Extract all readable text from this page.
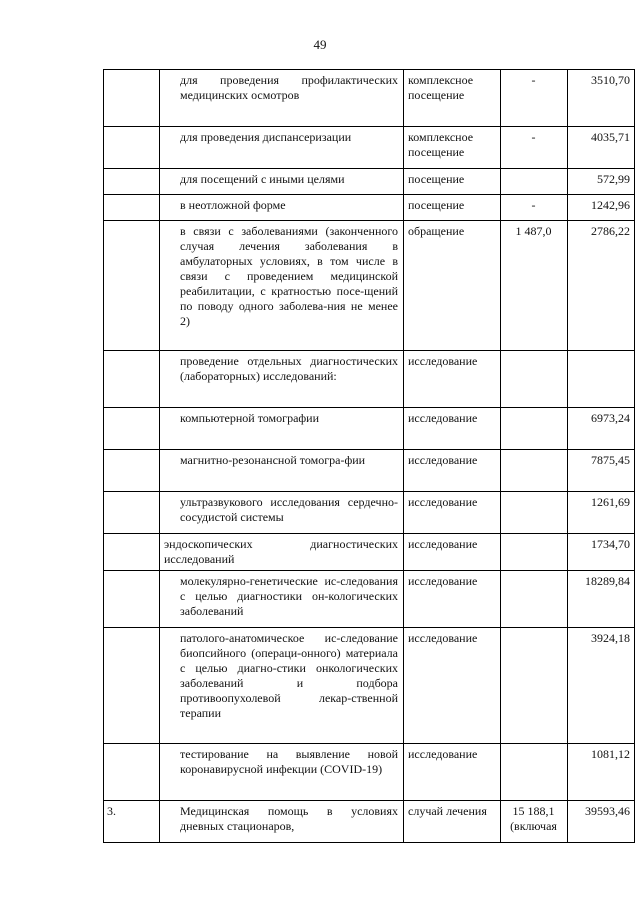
49
	для проведения профилактических медицинских осмотров	комплексное посещение	-	3510,70
	для проведения диспансеризации	комплексное посещение	-	4035,71
	для посещений с иными целями	посещение		572,99
	в неотложной форме	посещение	-	1242,96
	в связи с заболеваниями (законченного случая лечения заболевания в амбулаторных условиях, в том числе в связи с проведением медицинской реабилитации, с кратностью посе-щений по поводу одного заболева-ния не менее 2)	обращение	1 487,0	2786,22
	проведение отдельных диагностических (лабораторных) исследований:	исследование		
	компьютерной томографии	исследование		6973,24
	магнитно-резонансной томогра-фии	исследование		7875,45
	ультразвукового исследования сердечно-сосудистой системы	исследование		1261,69
	эндоскопических диагностических исследований	исследование		1734,70
	молекулярно-генетические ис-следования с целью диагностики он-кологических заболеваний	исследование		18289,84
	патолого-анатомическое ис-следование биопсийного (операци-онного) материала с целью диагно-стики онкологических заболеваний и подбора противоопухолевой лекар-ственной терапии	исследование		3924,18
	тестирование на выявление новой коронавирусной инфекции (COVID-19)	исследование		1081,12
3.	Медицинская помощь в условиях дневных стационаров,	случай лечения	15 188,1 (включая	39593,46
